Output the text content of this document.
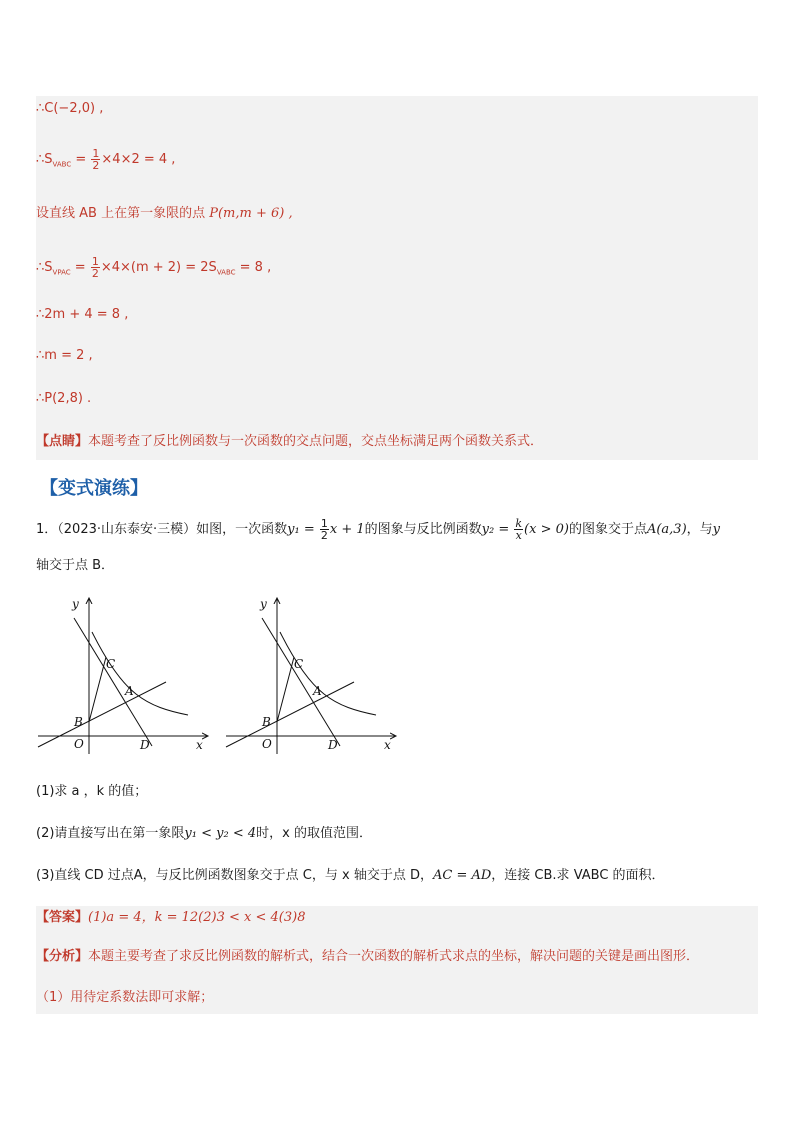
∴C(−2,0) ,
$\therefore S_{VABC} = \frac{1}{2} \times 4\times 2 = 4$ ,
设直线 AB 上在第一象限的点 P(m,m + 6) ,
$\therefore S_{VPAC} = \frac{1}{2} \times 4\times(m + 2) = 2S_{VABC} = 8$ ,
∴2m + 4 = 8 ,
∴m = 2 ,
∴P(2,8) .
【点睛】本题考查了反比例函数与一次函数的交点问题，交点坐标满足两个函数关系式．
【变式演练】
1．（2023·山东泰安·三模）如图，一次函数$y_1 = \frac{1}{2}$ x + 1的图象与反比例函数$y_2 = \frac{k}{x} (x > 0)$的图象交于点A(a,3)，与y
轴交于点 B．
y
x
O
B
C
A
D
y
x
O
B
C
A
D
(1)求 a ，k 的值；
(2)请直接写出在第一象限y₁ < y₂ < 4时，x 的取值范围．
(3)直线 CD 过点A，与反比例函数图象交于点 C，与 x 轴交于点 D，AC = AD，连接 CB.求 VABC 的面积．
【答案】(1)a = 4，k = 12(2)3 < x < 4(3)8
【分析】本题主要考查了求反比例函数的解析式，结合一次函数的解析式求点的坐标，解决问题的关键是画出图形．
（1）用待定系数法即可求解；
